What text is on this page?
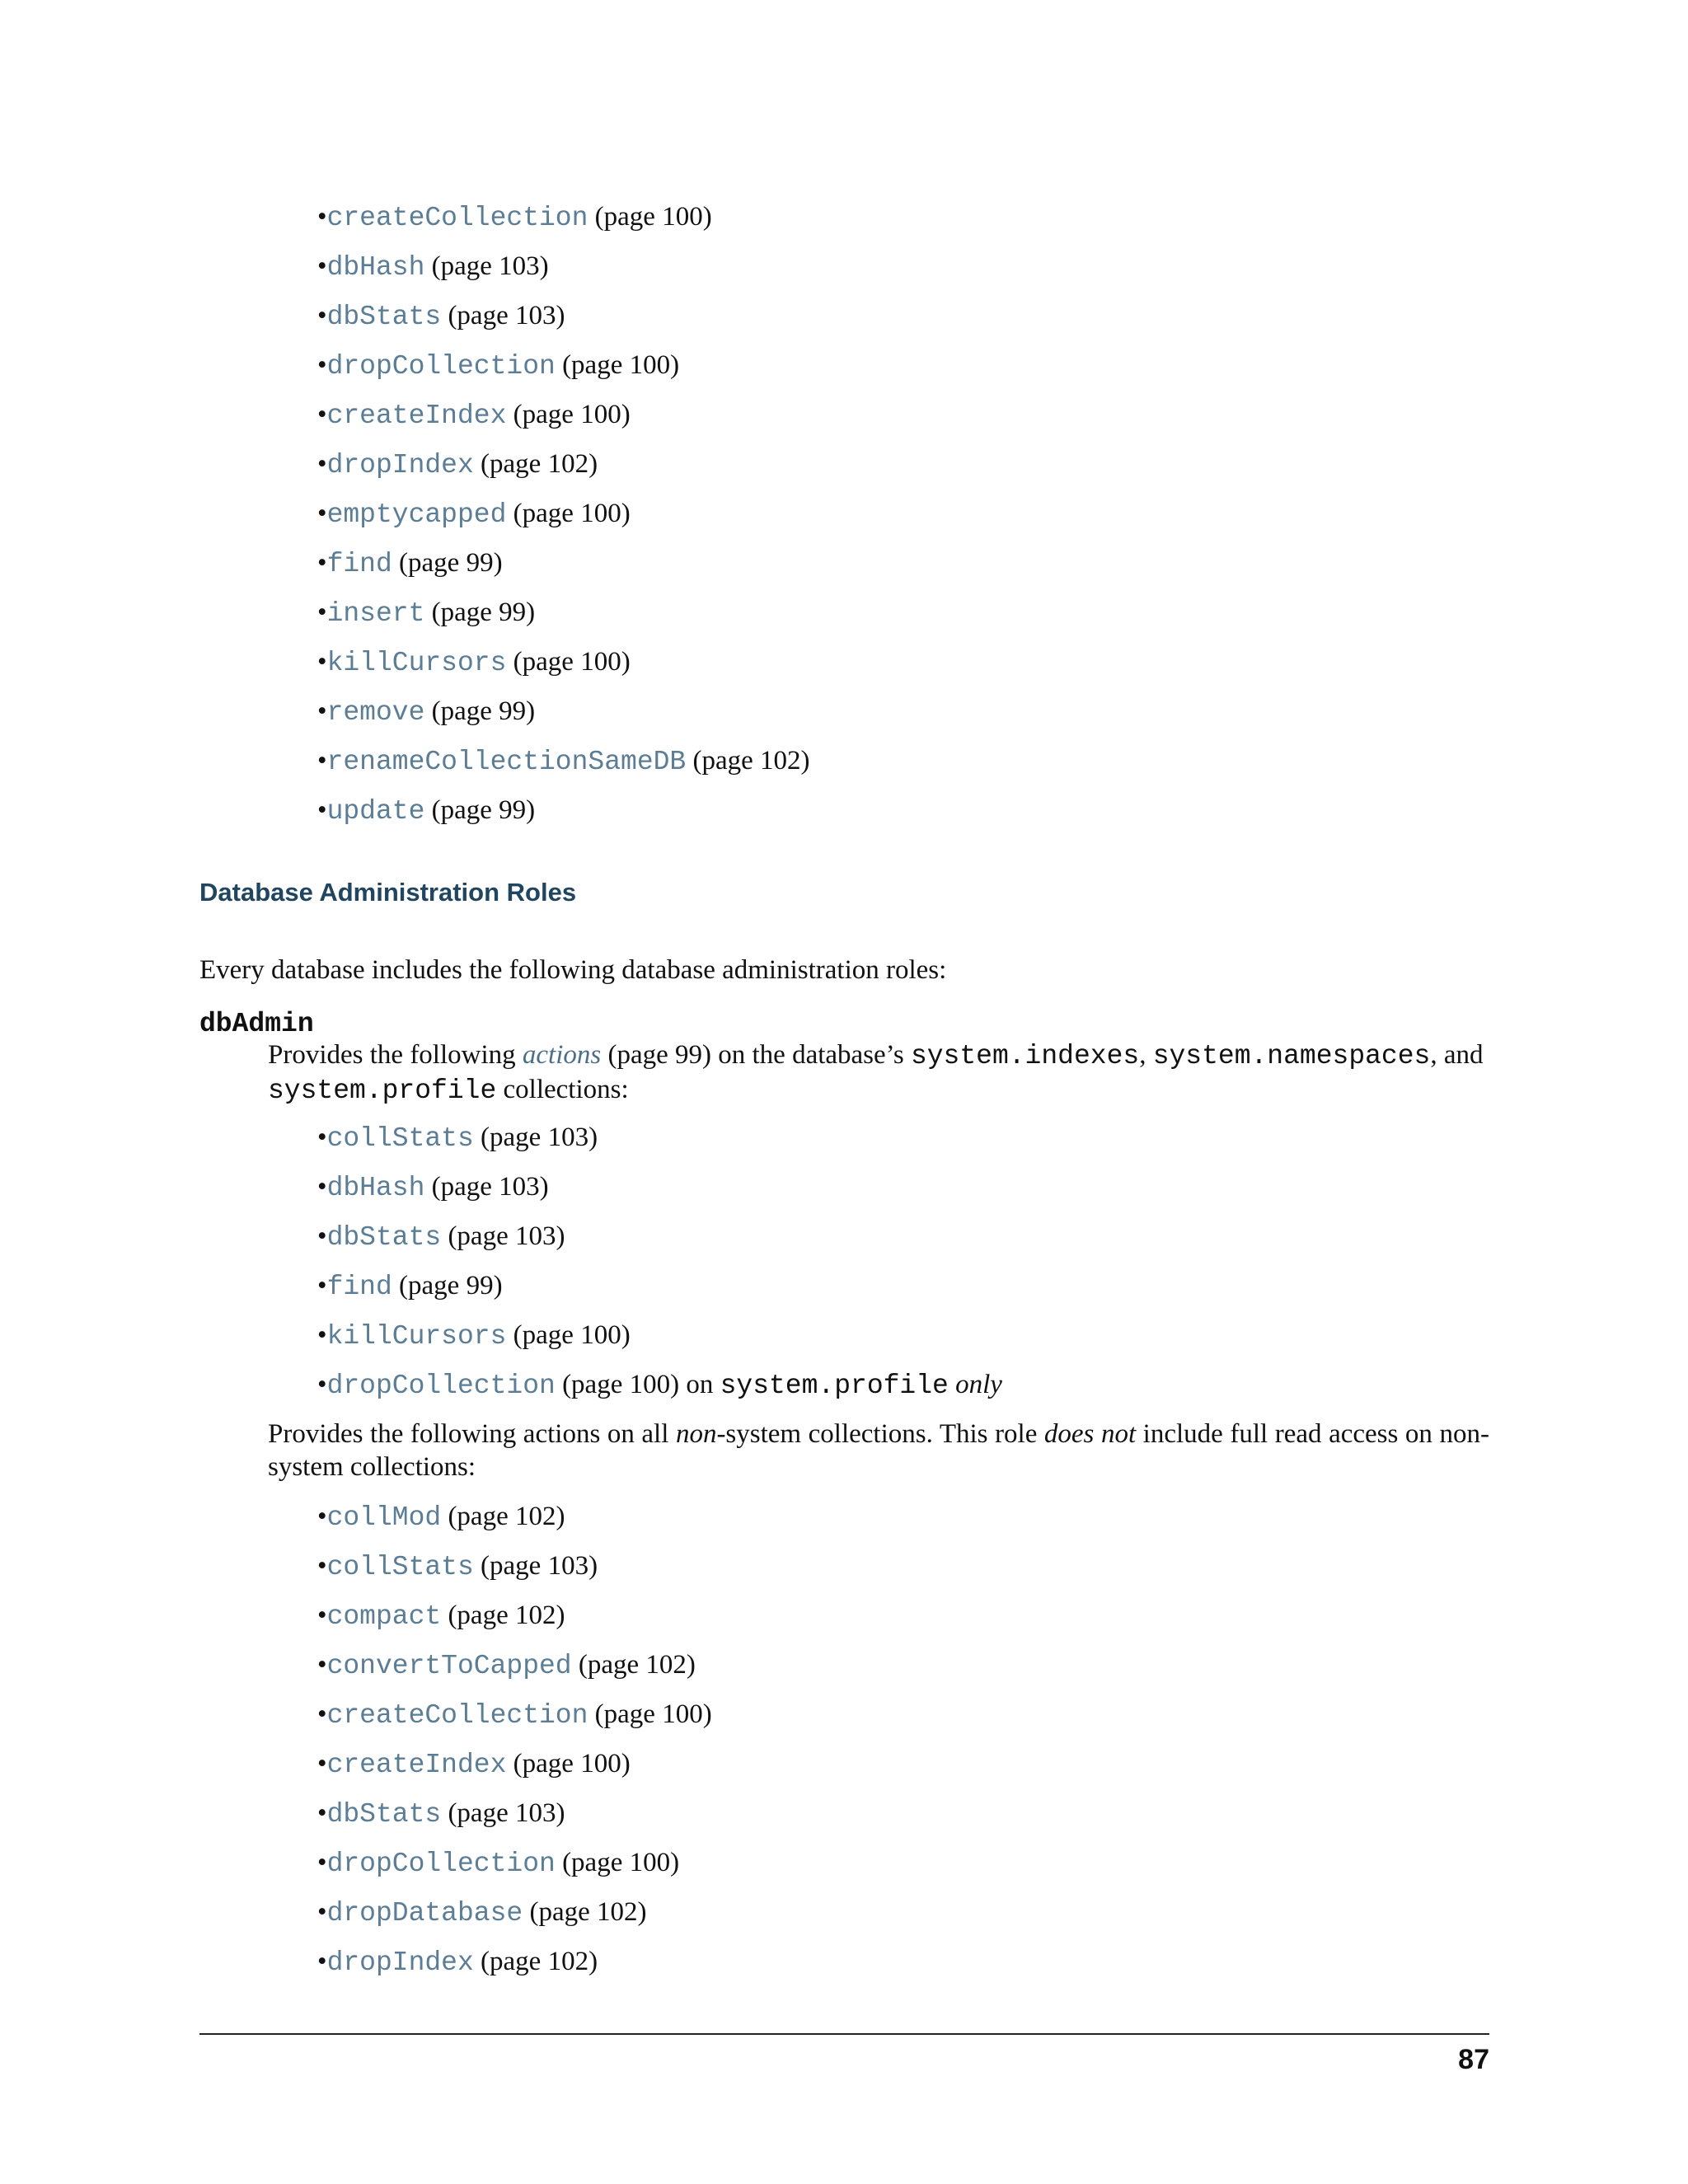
• createCollection (page 100)
• dbHash (page 103)
• dbStats (page 103)
• dropCollection (page 100)
• createIndex (page 100)
• dropIndex (page 102)
• emptycapped (page 100)
• find (page 99)
• insert (page 99)
• killCursors (page 100)
• remove (page 99)
• renameCollectionSameDB (page 102)
• update (page 99)
Database Administration Roles
Every database includes the following database administration roles:
dbAdmin

Provides the following actions (page 99) on the database’s system.indexes, system.namespaces, and
system.profile collections:

• collStats (page 103)
• dbHash (page 103)
• dbStats (page 103)
• find (page 99)
• killCursors (page 100)
• dropCollection (page 100) on system.profile only

Provides the following actions on all non-system collections. This role does not include full read access on non-system collections:

• collMod (page 102)
• collStats (page 103)
• compact (page 102)
• convertToCapped (page 102)
• createCollection (page 100)
• createIndex (page 100)
• dbStats (page 103)
• dropCollection (page 100)
• dropDatabase (page 102)
• dropIndex (page 102)
87
